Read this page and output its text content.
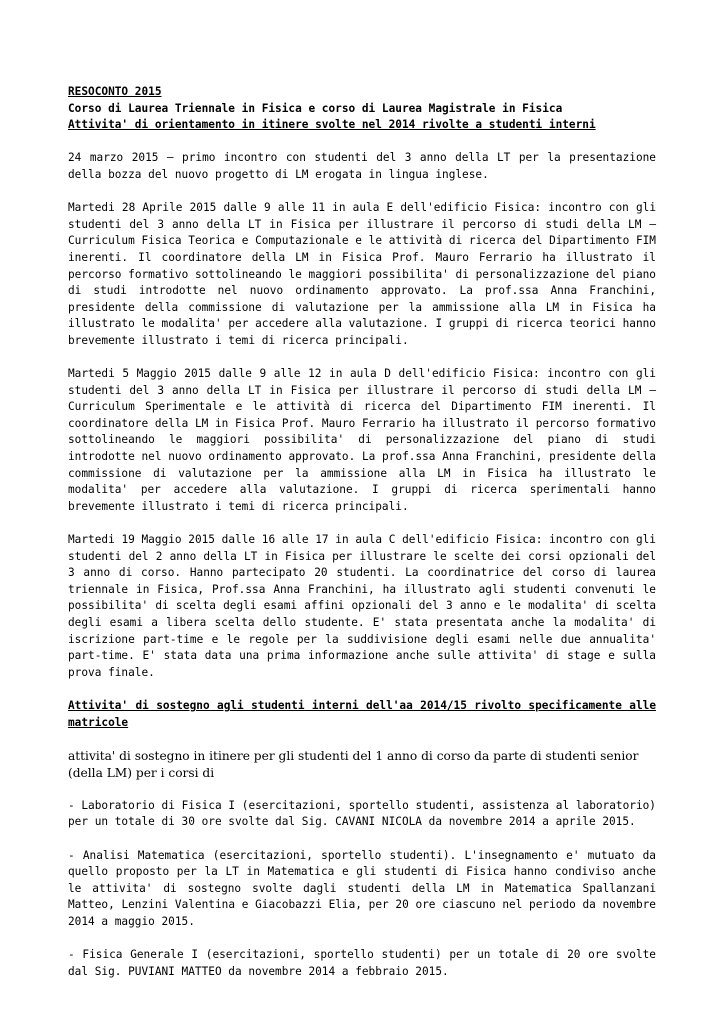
RESOCONTO 2015

Corso di Laurea Triennale in Fisica e corso di Laurea Magistrale in Fisica

Attivita' di orientamento in itinere svolte nel 2014 rivolte a studenti interni

24 marzo 2015 – primo incontro con studenti del 3 anno della LT per la presentazione della bozza del nuovo progetto di LM erogata in lingua inglese.

Martedi 28 Aprile 2015 dalle 9 alle 11 in aula E dell'edificio Fisica: incontro con gli studenti del 3 anno della LT in Fisica per illustrare il percorso di studi della LM – Curriculum Fisica Teorica e Computazionale e le attività di ricerca del Dipartimento FIM inerenti. Il coordinatore della LM in Fisica Prof. Mauro Ferrario ha illustrato il percorso formativo sottolineando le maggiori possibilita' di personalizzazione del piano di studi introdotte nel nuovo ordinamento approvato. La prof.ssa Anna Franchini, presidente della commissione di valutazione per la ammissione alla LM in Fisica ha illustrato le modalita' per accedere alla valutazione. I gruppi di ricerca teorici hanno brevemente illustrato i temi di ricerca principali.

Martedi 5 Maggio 2015 dalle 9 alle 12 in aula D dell'edificio Fisica: incontro con gli studenti del 3 anno della LT in Fisica per illustrare il percorso di studi della LM – Curriculum Sperimentale e le attività di ricerca del Dipartimento FIM inerenti. Il coordinatore della LM in Fisica Prof. Mauro Ferrario ha illustrato il percorso formativo sottolineando le maggiori possibilita' di personalizzazione del piano di studi introdotte nel nuovo ordinamento approvato. La prof.ssa Anna Franchini, presidente della commissione di valutazione per la ammissione alla LM in Fisica ha illustrato le modalita' per accedere alla valutazione. I gruppi di ricerca sperimentali hanno brevemente illustrato i temi di ricerca principali.

Martedi 19 Maggio 2015 dalle 16 alle 17 in aula C dell'edificio Fisica: incontro con gli studenti del 2 anno della LT in Fisica per illustrare le scelte dei corsi opzionali del 3 anno di corso. Hanno partecipato 20 studenti. La coordinatrice del corso di laurea triennale in Fisica, Prof.ssa Anna Franchini, ha illustrato agli studenti convenuti le possibilita' di scelta degli esami affini opzionali del 3 anno e le modalita' di scelta degli esami a libera scelta dello studente. E' stata presentata anche la modalita' di iscrizione part-time e le regole per la suddivisione degli esami nelle due annualita' part-time. E' stata data una prima informazione anche sulle attivita' di stage e sulla prova finale.

Attivita' di sostegno agli studenti interni dell'aa 2014/15 rivolto specificamente alle matricole

attivita' di sostegno in itinere per gli studenti del 1 anno di corso da parte di studenti senior (della LM) per i corsi di

- Laboratorio di Fisica I (esercitazioni, sportello studenti, assistenza al laboratorio) per un totale di 30 ore svolte dal Sig. CAVANI NICOLA da novembre 2014 a aprile 2015.

- Analisi Matematica (esercitazioni, sportello studenti). L'insegnamento e' mutuato da quello proposto per la LT in Matematica e gli studenti di Fisica hanno condiviso anche le attivita' di sostegno svolte dagli studenti della LM in Matematica Spallanzani Matteo, Lenzini Valentina e Giacobazzi Elia, per 20 ore ciascuno nel periodo da novembre 2014 a maggio 2015.

- Fisica Generale I (esercitazioni, sportello studenti) per un totale di 20 ore svolte dal Sig. PUVIANI MATTEO da novembre 2014 a febbraio 2015.
